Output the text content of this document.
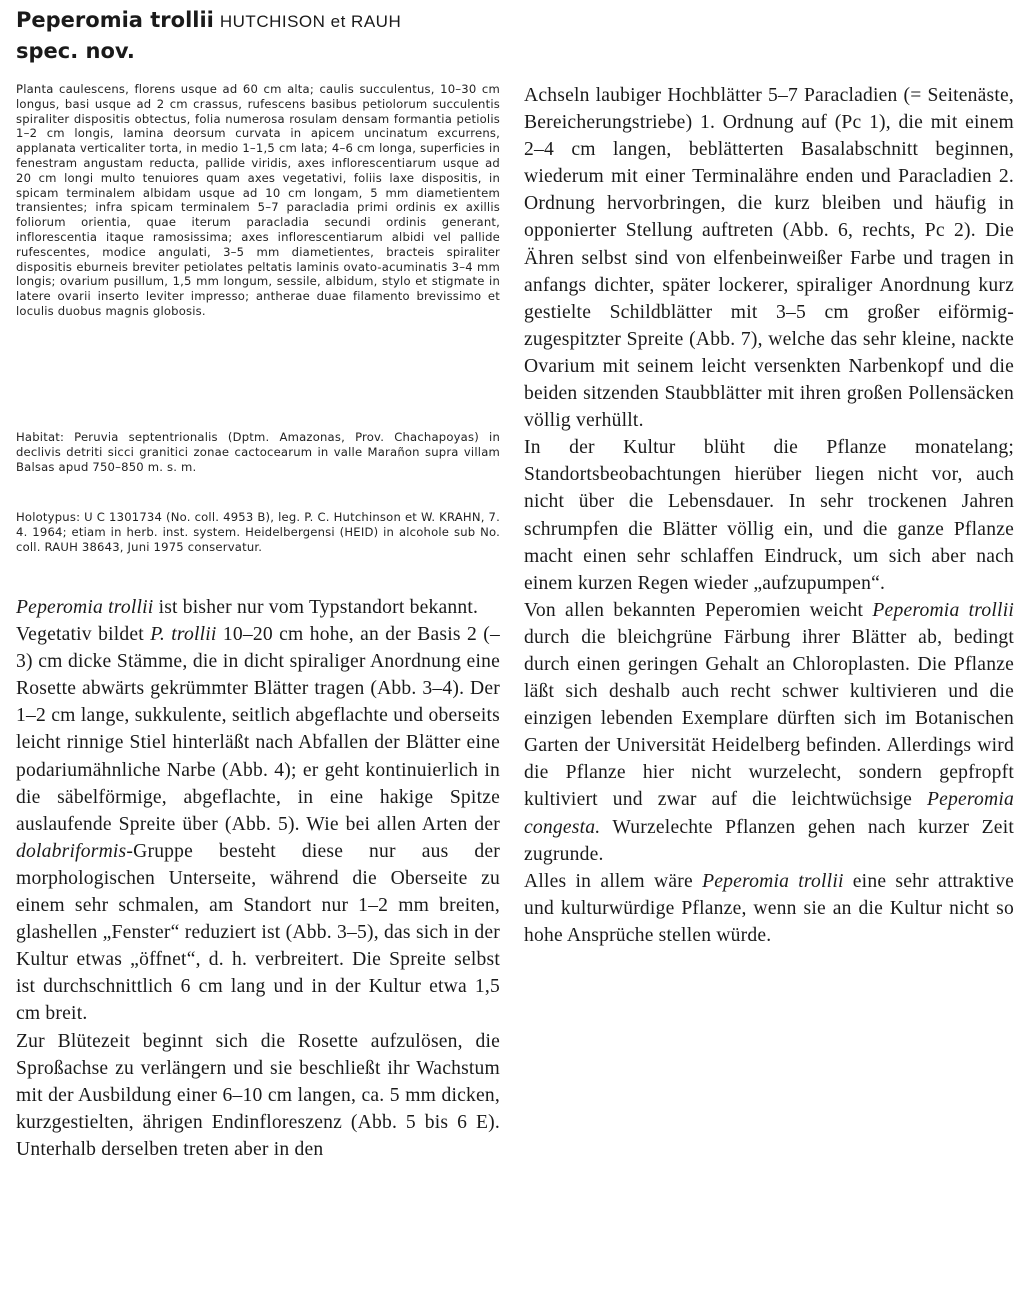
Peperomia trollii HUTCHISON et RAUH
spec. nov.
Planta caulescens, florens usque ad 60 cm alta; caulis succulentus, 10–30 cm longus, basi usque ad 2 cm crassus, rufescens basibus petiolorum succulentis spiraliter dispositis obtectus, folia numerosa rosulam densam formantia petiolis 1–2 cm longis, lamina deorsum curvata in apicem uncinatum excurrens, applanata verticaliter torta, in medio 1–1,5 cm lata; 4–6 cm longa, superficies in fenestram angustam reducta, pallide viridis, axes inflorescentiarum usque ad 20 cm longi multo tenuiores quam axes vegetativi, foliis laxe dispositis, in spicam terminalem albidam usque ad 10 cm longam, 5 mm diametientem transientes; infra spicam terminalem 5–7 paracladia primi ordinis ex axillis foliorum orientia, quae iterum paracladia secundi ordinis generant, inflorescentia itaque ramosissima; axes inflorescentiarum albidi vel pallide rufescentes, modice angulati, 3–5 mm diametientes, bracteis spiraliter dispositis eburneis breviter petiolates peltatis laminis ovato-acuminatis 3–4 mm longis; ovarium pusillum, 1,5 mm longum, sessile, albidum, stylo et stigmate in latere ovarii inserto leviter impresso; antherae duae filamento brevissimo et loculis duobus magnis globosis.
Habitat: Peruvia septentrionalis (Dptm. Amazonas, Prov. Chachapoyas) in declivis detriti sicci granitici zonae cactocearum in valle Marañon supra villam Balsas apud 750–850 m. s. m.
Holotypus: U C 1301734 (No. coll. 4953 B), leg. P. C. Hutchinson et W. KRAHN, 7. 4. 1964; etiam in herb. inst. system. Heidelbergensi (HEID) in alcohole sub No. coll. RAUH 38643, Juni 1975 conservatur.

Peperomia trollii ist bisher nur vom Typstandort bekannt.

Vegetativ bildet P. trollii 10–20 cm hohe, an der Basis 2 (–3) cm dicke Stämme, die in dicht spiraliger Anordnung eine Rosette abwärts gekrümmter Blätter tragen (Abb. 3–4). Der 1–2 cm lange, sukkulente, seitlich abgeflachte und oberseits leicht rinnige Stiel hinterläßt nach Abfallen der Blätter eine podariumähnliche Narbe (Abb. 4); er geht kontinuierlich in die säbelförmige, abgeflachte, in eine hakige Spitze auslaufende Spreite über (Abb. 5). Wie bei allen Arten der dolabriformis-Gruppe besteht diese nur aus der morphologischen Unterseite, während die Oberseite zu einem sehr schmalen, am Standort nur 1–2 mm breiten, glashellen „Fenster“ reduziert ist (Abb. 3–5), das sich in der Kultur etwas „öffnet“, d. h. verbreitert. Die Spreite selbst ist durchschnittlich 6 cm lang und in der Kultur etwa 1,5 cm breit.

Zur Blütezeit beginnt sich die Rosette aufzulösen, die Sproßachse zu verlängern und sie beschließt ihr Wachstum mit der Ausbildung einer 6–10 cm langen, ca. 5 mm dicken, kurzgestielten, ährigen Endinfloreszenz (Abb. 5 bis 6 E). Unterhalb derselben treten aber in den

Achseln laubiger Hochblätter 5–7 Paracladien (= Seitenäste, Bereicherungstriebe) 1. Ordnung auf (Pc 1), die mit einem 2–4 cm langen, beblätterten Basalabschnitt beginnen, wiederum mit einer Terminalähre enden und Paracladien 2. Ordnung hervorbringen, die kurz bleiben und häufig in opponierter Stellung auftreten (Abb. 6, rechts, Pc 2). Die Ähren selbst sind von elfenbeinweißer Farbe und tragen in anfangs dichter, später lockerer, spiraliger Anordnung kurz gestielte Schildblätter mit 3–5 cm großer eiförmig-zugespitzter Spreite (Abb. 7), welche das sehr kleine, nackte Ovarium mit seinem leicht versenkten Narbenkopf und die beiden sitzenden Staubblätter mit ihren großen Pollensäcken völlig verhüllt.

In der Kultur blüht die Pflanze monatelang; Standortsbeobachtungen hierüber liegen nicht vor, auch nicht über die Lebensdauer. In sehr trockenen Jahren schrumpfen die Blätter völlig ein, und die ganze Pflanze macht einen sehr schlaffen Eindruck, um sich aber nach einem kurzen Regen wieder „aufzupumpen“.

Von allen bekannten Peperomien weicht Peperomia trollii durch die bleichgrüne Färbung ihrer Blätter ab, bedingt durch einen geringen Gehalt an Chloroplasten. Die Pflanze läßt sich deshalb auch recht schwer kultivieren und die einzigen lebenden Exemplare dürften sich im Botanischen Garten der Universität Heidelberg befinden. Allerdings wird die Pflanze hier nicht wurzelecht, sondern gepfropft kultiviert und zwar auf die leichtwüchsige Peperomia congesta. Wurzelechte Pflanzen gehen nach kurzer Zeit zugrunde.

Alles in allem wäre Peperomia trollii eine sehr attraktive und kulturwürdige Pflanze, wenn sie an die Kultur nicht so hohe Ansprüche stellen würde.
